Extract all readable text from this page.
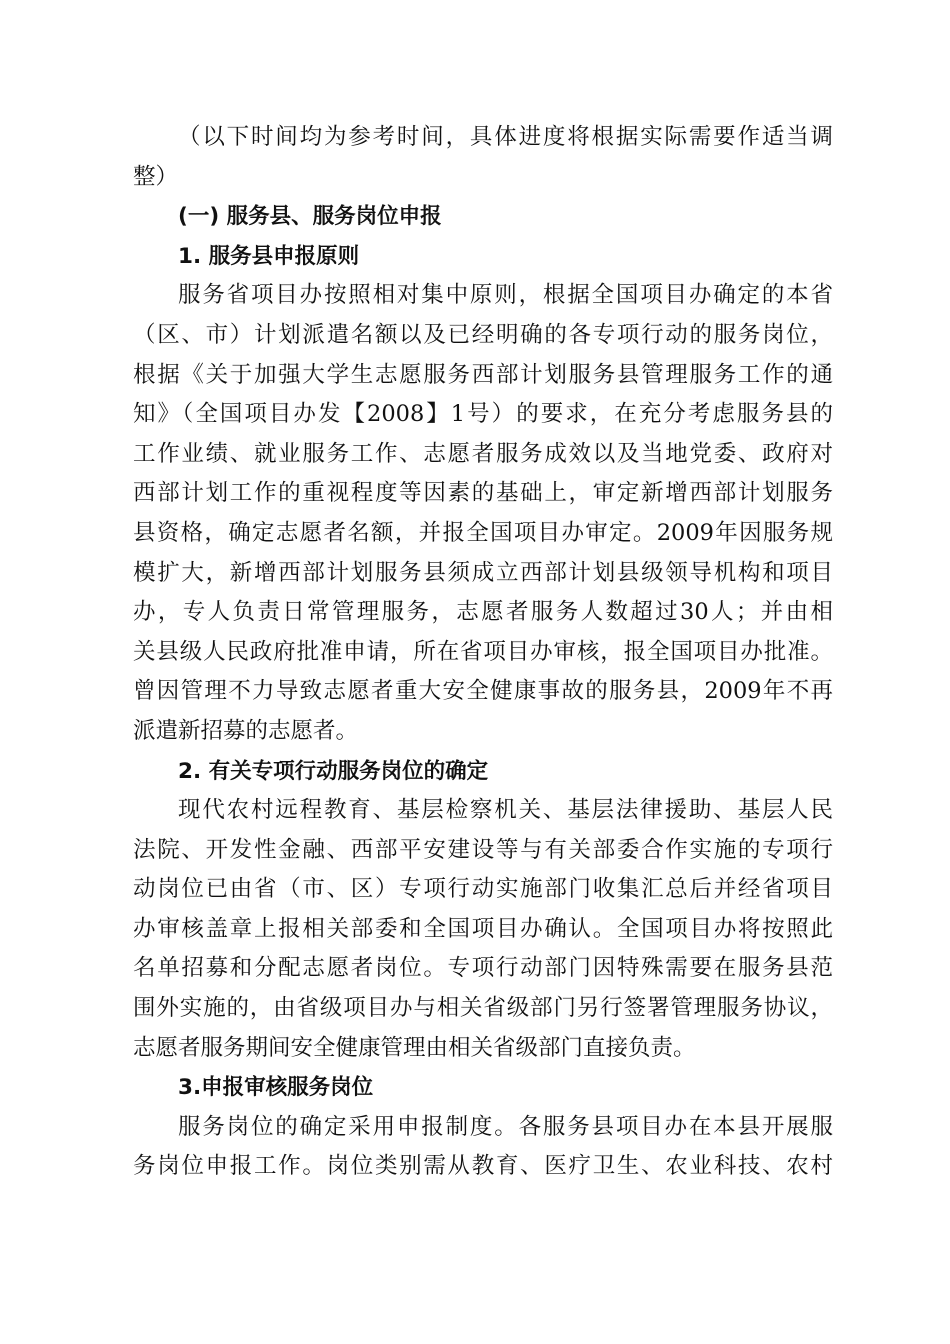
（以下时间均为参考时间，具体进度将根据实际需要作适当调
整）
(一) 服务县、服务岗位申报
1. 服务县申报原则
服务省项目办按照相对集中原则，根据全国项目办确定的本省
（区、市）计划派遣名额以及已经明确的各专项行动的服务岗位，
根据《关于加强大学生志愿服务西部计划服务县管理服务工作的通
知》（全国项目办发【2008】1号）的要求，在充分考虑服务县的
工作业绩、就业服务工作、志愿者服务成效以及当地党委、政府对
西部计划工作的重视程度等因素的基础上，审定新增西部计划服务
县资格，确定志愿者名额，并报全国项目办审定。2009年因服务规
模扩大，新增西部计划服务县须成立西部计划县级领导机构和项目
办，专人负责日常管理服务，志愿者服务人数超过30人；并由相
关县级人民政府批准申请，所在省项目办审核，报全国项目办批准。
曾因管理不力导致志愿者重大安全健康事故的服务县，2009年不再
派遣新招募的志愿者。
2. 有关专项行动服务岗位的确定
现代农村远程教育、基层检察机关、基层法律援助、基层人民
法院、开发性金融、西部平安建设等与有关部委合作实施的专项行
动岗位已由省（市、区）专项行动实施部门收集汇总后并经省项目
办审核盖章上报相关部委和全国项目办确认。全国项目办将按照此
名单招募和分配志愿者岗位。专项行动部门因特殊需要在服务县范
围外实施的，由省级项目办与相关省级部门另行签署管理服务协议，
志愿者服务期间安全健康管理由相关省级部门直接负责。
3.申报审核服务岗位
服务岗位的确定采用申报制度。各服务县项目办在本县开展服
务岗位申报工作。岗位类别需从教育、医疗卫生、农业科技、农村
